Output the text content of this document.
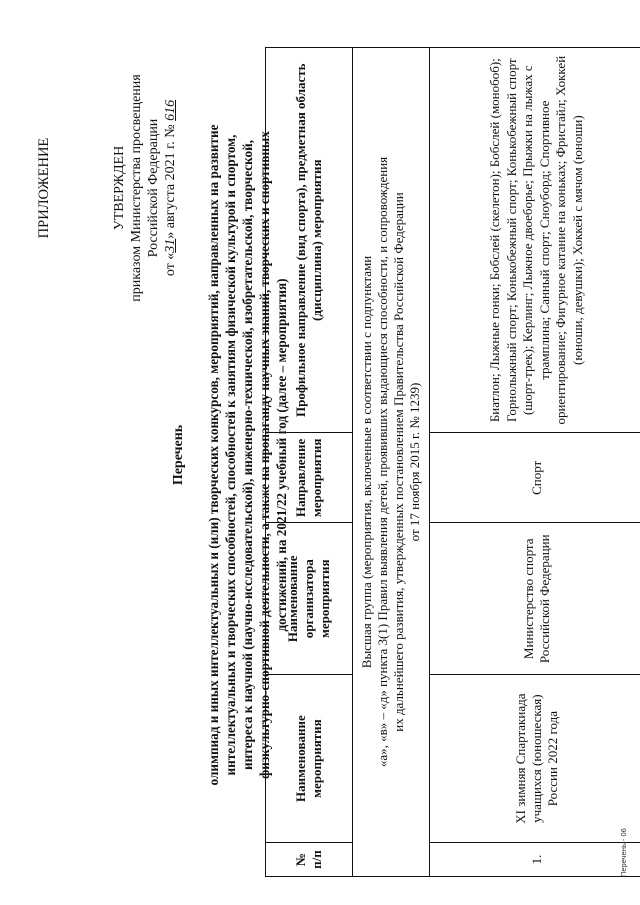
ПРИЛОЖЕНИЕ	УТВЕРЖДЕН приказом Министерства просвещения Российской Федерации
от «31» августа 2021 г. № 616
Перечень олимпиад и иных интеллектуальных и (или) творческих конкурсов, мероприятий, направленных на развитие интеллектуальных и творческих способностей, способностей к занятиям физической культурой и спортом, интереса к научной (научно-исследовательской), инженерно-технической, изобретательской, творческой, физкультурно-спортивной деятельности, а также на пропаганду научных знаний, творческих и спортивных достижений, на 2021/22 учебный год (далее – мероприятия)
№ п/п	Наименование мероприятия	Наименование организатора мероприятия	Направление мероприятия	Профильное направление (вид спорта), предметная область (дисциплина) мероприятия

Высшая группа (мероприятия, включенные в соответствии с подпунктами «а», «в» – «д» пункта 3(1) Правил выявления детей, проявивших выдающиеся способности, и сопровождения их дальнейшего развития, утвержденных постановлением Правительства Российской Федерации от 17 ноября 2015 г. № 1239)				

1.	XI зимняя Спартакиада учащихся (юношеская) России 2022 года	Министерство спорта Российской Федерации	Спорт	Биатлон; Лыжные гонки; Бобслей (скелетон); Бобслей (монобоб); Горнолыжный спорт; Конькобежный спорт; Конькобежный спорт (шорт-трек); Керлинг; Лыжное двоеборье; Прыжки на лыжах с трамплина; Санный спорт; Сноуборд; Спортивное ориентирование; Фигурное катание на коньках; Фристайл; Хоккей (юноши, девушки); Хоккей с мячом (юноши)
Перечень - 06
